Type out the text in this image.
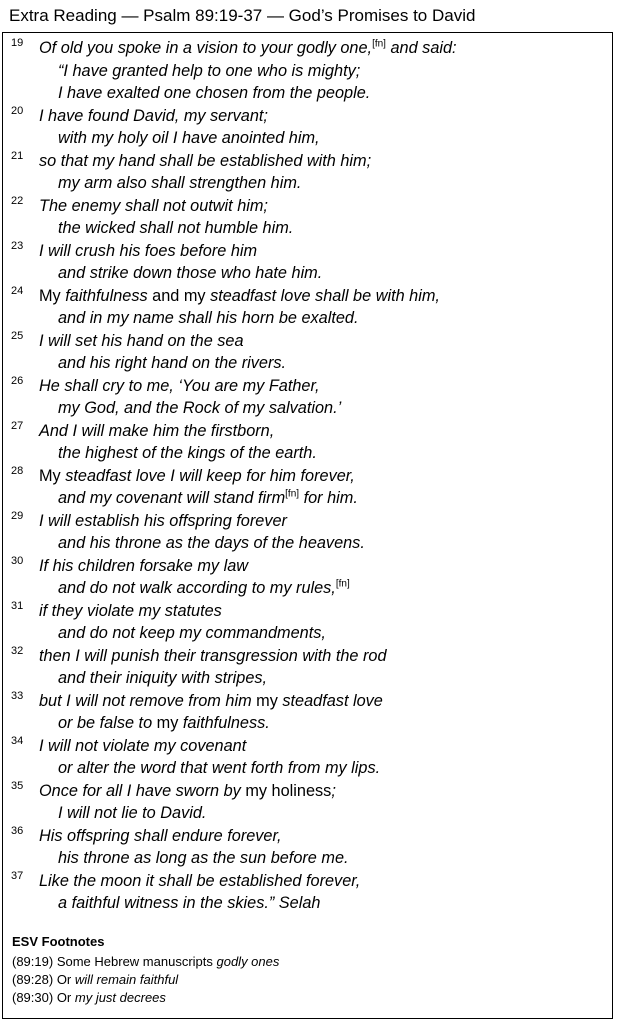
Extra Reading — Psalm 89:19-37 — God’s Promises to David
19 Of old you spoke in a vision to your godly one,[fn] and said:
“I have granted help to one who is mighty;
I have exalted one chosen from the people.
20 I have found David, my servant;
with my holy oil I have anointed him,
21 so that my hand shall be established with him;
my arm also shall strengthen him.
22 The enemy shall not outwit him;
the wicked shall not humble him.
23 I will crush his foes before him
and strike down those who hate him.
24 My faithfulness and my steadfast love shall be with him,
and in my name shall his horn be exalted.
25 I will set his hand on the sea
and his right hand on the rivers.
26 He shall cry to me, ‘You are my Father,
my God, and the Rock of my salvation.’
27 And I will make him the firstborn,
the highest of the kings of the earth.
28 My steadfast love I will keep for him forever,
and my covenant will stand firm[fn] for him.
29 I will establish his offspring forever
and his throne as the days of the heavens.
30 If his children forsake my law
and do not walk according to my rules,[fn]
31 if they violate my statutes
and do not keep my commandments,
32 then I will punish their transgression with the rod
and their iniquity with stripes,
33 but I will not remove from him my steadfast love
or be false to my faithfulness.
34 I will not violate my covenant
or alter the word that went forth from my lips.
35 Once for all I have sworn by my holiness;
I will not lie to David.
36 His offspring shall endure forever,
his throne as long as the sun before me.
37 Like the moon it shall be established forever,
a faithful witness in the skies.” Selah
ESV Footnotes
(89:19) Some Hebrew manuscripts godly ones
(89:28) Or will remain faithful
(89:30) Or my just decrees
